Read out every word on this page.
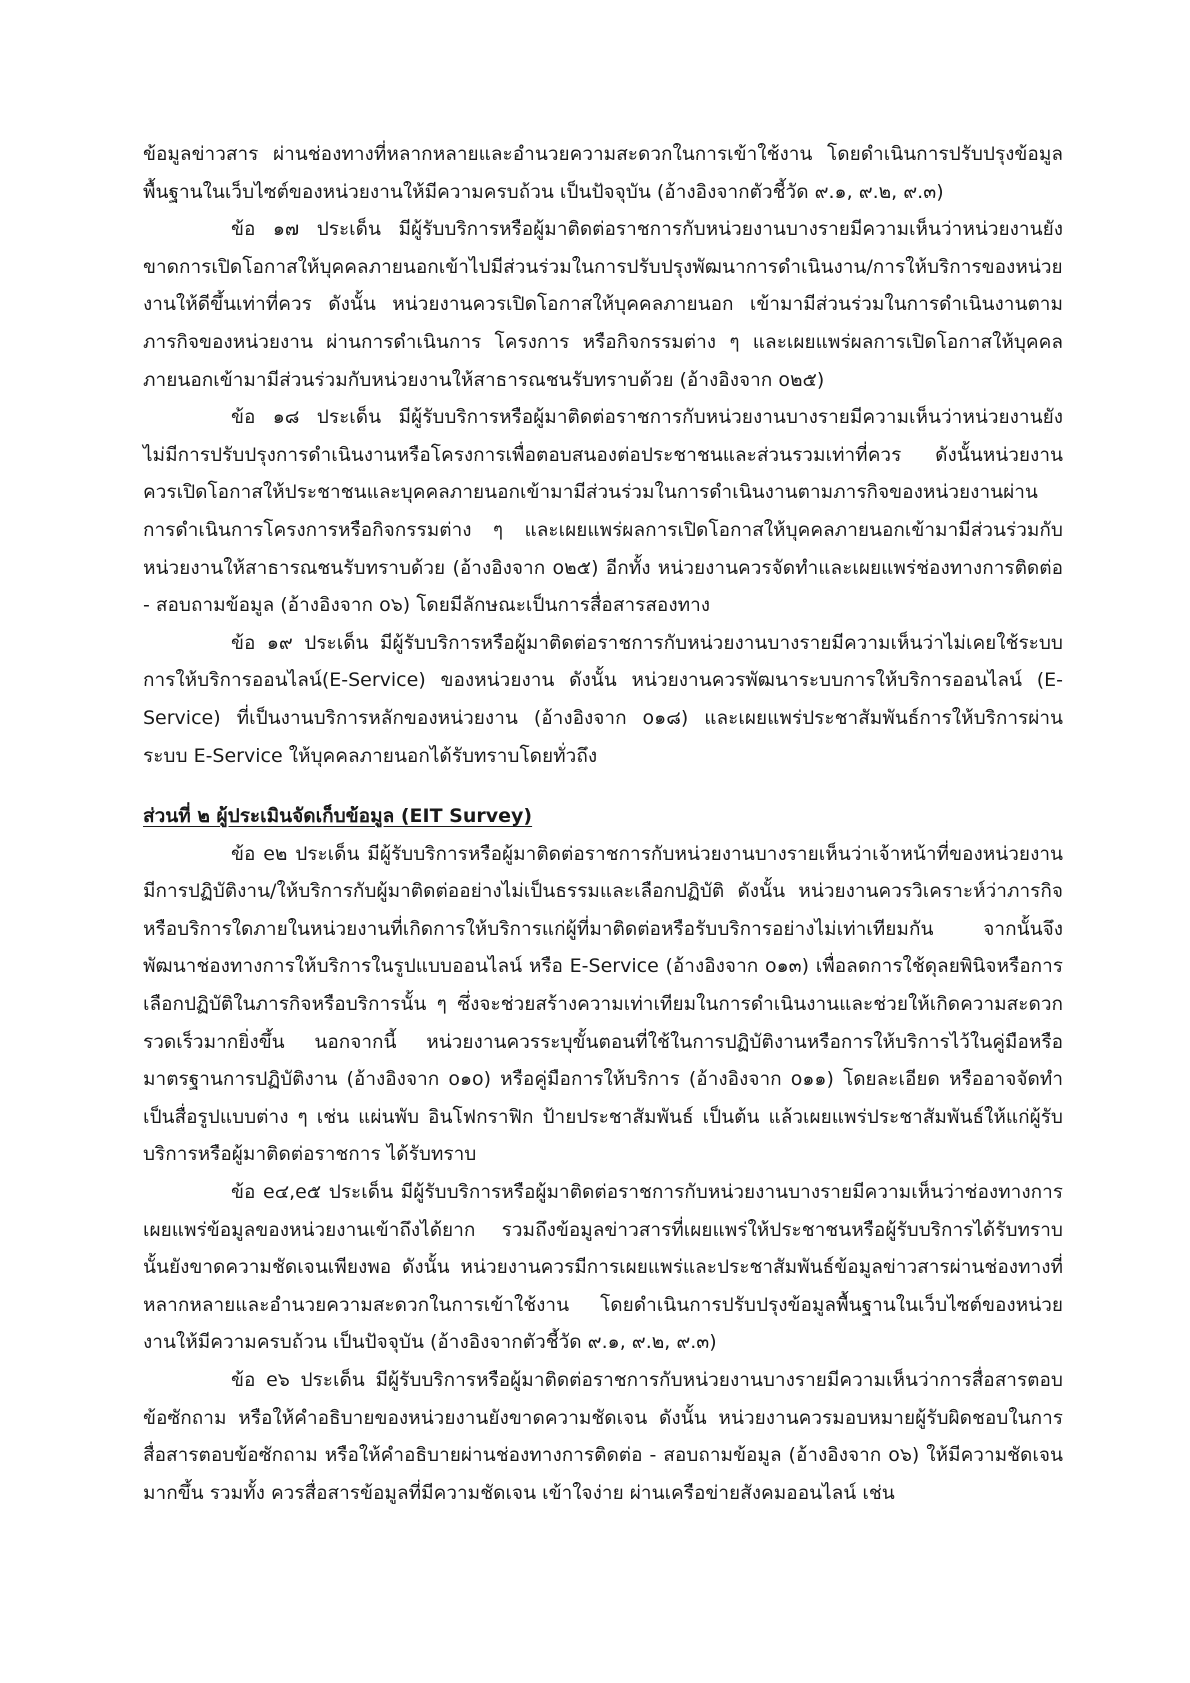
ข้อมูลข่าวสาร ผ่านช่องทางที่หลากหลายและอำนวยความสะดวกในการเข้าใช้งาน โดยดำเนินการปรับปรุงข้อมูลพื้นฐานในเว็บไซต์ของหน่วยงานให้มีความครบถ้วน เป็นปัจจุบัน (อ้างอิงจากตัวชี้วัด ๙.๑, ๙.๒, ๙.๓)

ข้อ ๑๗ ประเด็น มีผู้รับบริการหรือผู้มาติดต่อราชการกับหน่วยงานบางรายมีความเห็นว่าหน่วยงานยังขาดการเปิดโอกาสให้บุคคลภายนอกเข้าไปมีส่วนร่วมในการปรับปรุงพัฒนาการดำเนินงาน/การให้บริการของหน่วยงานให้ดีขึ้นเท่าที่ควร ดังนั้น หน่วยงานควรเปิดโอกาสให้บุคคลภายนอก เข้ามามีส่วนร่วมในการดำเนินงานตามภารกิจของหน่วยงาน ผ่านการดำเนินการ โครงการ หรือกิจกรรมต่าง ๆ และเผยแพร่ผลการเปิดโอกาสให้บุคคลภายนอกเข้ามามีส่วนร่วมกับหน่วยงานให้สาธารณชนรับทราบด้วย (อ้างอิงจาก o๒๕)

ข้อ ๑๘ ประเด็น มีผู้รับบริการหรือผู้มาติดต่อราชการกับหน่วยงานบางรายมีความเห็นว่าหน่วยงานยังไม่มีการปรับปรุงการดำเนินงานหรือโครงการเพื่อตอบสนองต่อประชาชนและส่วนรวมเท่าที่ควร ดังนั้นหน่วยงานควรเปิดโอกาสให้ประชาชนและบุคคลภายนอกเข้ามามีส่วนร่วมในการดำเนินงานตามภารกิจของหน่วยงานผ่านการดำเนินการโครงการหรือกิจกรรมต่าง ๆ และเผยแพร่ผลการเปิดโอกาสให้บุคคลภายนอกเข้ามามีส่วนร่วมกับหน่วยงานให้สาธารณชนรับทราบด้วย (อ้างอิงจาก o๒๕) อีกทั้ง หน่วยงานควรจัดทำและเผยแพร่ช่องทางการติดต่อ - สอบถามข้อมูล (อ้างอิงจาก o๖) โดยมีลักษณะเป็นการสื่อสารสองทาง

ข้อ ๑๙ ประเด็น มีผู้รับบริการหรือผู้มาติดต่อราชการกับหน่วยงานบางรายมีความเห็นว่าไม่เคยใช้ระบบการให้บริการออนไลน์(E-Service) ของหน่วยงาน ดังนั้น หน่วยงานควรพัฒนาระบบการให้บริการออนไลน์ (E-Service) ที่เป็นงานบริการหลักของหน่วยงาน (อ้างอิงจาก o๑๘) และเผยแพร่ประชาสัมพันธ์การให้บริการผ่านระบบ E-Service ให้บุคคลภายนอกได้รับทราบโดยทั่วถึง

ส่วนที่ ๒ ผู้ประเมินจัดเก็บข้อมูล (EIT Survey)

ข้อ e๒ ประเด็น มีผู้รับบริการหรือผู้มาติดต่อราชการกับหน่วยงานบางรายเห็นว่าเจ้าหน้าที่ของหน่วยงานมีการปฏิบัติงาน/ให้บริการกับผู้มาติดต่ออย่างไม่เป็นธรรมและเลือกปฏิบัติ ดังนั้น หน่วยงานควรวิเคราะห์ว่าภารกิจหรือบริการใดภายในหน่วยงานที่เกิดการให้บริการแก่ผู้ที่มาติดต่อหรือรับบริการอย่างไม่เท่าเทียมกัน จากนั้นจึงพัฒนาช่องทางการให้บริการในรูปแบบออนไลน์ หรือ E-Service (อ้างอิงจาก o๑๓) เพื่อลดการใช้ดุลยพินิจหรือการเลือกปฏิบัติในภารกิจหรือบริการนั้น ๆ ซึ่งจะช่วยสร้างความเท่าเทียมในการดำเนินงานและช่วยให้เกิดความสะดวกรวดเร็วมากยิ่งขึ้น นอกจากนี้ หน่วยงานควรระบุขั้นตอนที่ใช้ในการปฏิบัติงานหรือการให้บริการไว้ในคู่มือหรือมาตรฐานการปฏิบัติงาน (อ้างอิงจาก o๑o) หรือคู่มือการให้บริการ (อ้างอิงจาก o๑๑) โดยละเอียด หรืออาจจัดทำเป็นสื่อรูปแบบต่าง ๆ เช่น แผ่นพับ อินโฟกราฟิก ป้ายประชาสัมพันธ์ เป็นต้น แล้วเผยแพร่ประชาสัมพันธ์ให้แก่ผู้รับบริการหรือผู้มาติดต่อราชการ ได้รับทราบ

ข้อ e๔,e๕ ประเด็น มีผู้รับบริการหรือผู้มาติดต่อราชการกับหน่วยงานบางรายมีความเห็นว่าช่องทางการเผยแพร่ข้อมูลของหน่วยงานเข้าถึงได้ยาก รวมถึงข้อมูลข่าวสารที่เผยแพร่ให้ประชาชนหรือผู้รับบริการได้รับทราบนั้นยังขาดความชัดเจนเพียงพอ ดังนั้น หน่วยงานควรมีการเผยแพร่และประชาสัมพันธ์ข้อมูลข่าวสารผ่านช่องทางที่หลากหลายและอำนวยความสะดวกในการเข้าใช้งาน โดยดำเนินการปรับปรุงข้อมูลพื้นฐานในเว็บไซต์ของหน่วยงานให้มีความครบถ้วน เป็นปัจจุบัน (อ้างอิงจากตัวชี้วัด ๙.๑, ๙.๒, ๙.๓)

ข้อ e๖ ประเด็น มีผู้รับบริการหรือผู้มาติดต่อราชการกับหน่วยงานบางรายมีความเห็นว่าการสื่อสารตอบข้อซักถาม หรือให้คำอธิบายของหน่วยงานยังขาดความชัดเจน ดังนั้น หน่วยงานควรมอบหมายผู้รับผิดชอบในการสื่อสารตอบข้อซักถาม หรือให้คำอธิบายผ่านช่องทางการติดต่อ - สอบถามข้อมูล (อ้างอิงจาก o๖) ให้มีความชัดเจนมากขึ้น รวมทั้ง ควรสื่อสารข้อมูลที่มีความชัดเจน เข้าใจง่าย ผ่านเครือข่ายสังคมออนไลน์ เช่น
